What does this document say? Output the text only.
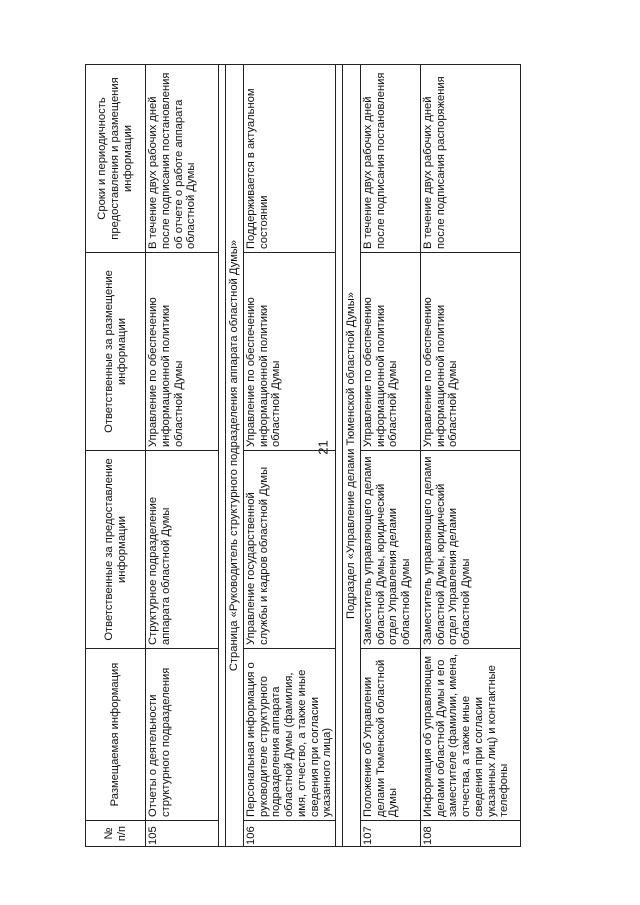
21
№ п/п	Размещаемая информация	Ответственные за предоставление информации	Ответственные за размещение информации	Сроки и периодичность предоставления и размещения информации
105	Отчеты о деятельности структурного подразделения	Структурное подразделение аппарата областной Думы	Управление по обеспечению информационной политики областной Думы	В течение двух рабочих дней после подписания постановления об отчете о работе аппарата областной Думы

Страница «Руководитель структурного подразделения аппарата областной Думы»				
106	Персональная информация о руководителе структурного подразделения аппарата областной Думы (фамилия, имя, отчество, а также иные сведения при согласии указанного лица)	Управление государственной службы и кадров областной Думы	Управление по обеспечению информационной политики областной Думы	Поддерживается в актуальном состоянии

Подраздел «Управление делами Тюменской областной Думы»				
107	Положение об Управлении делами Тюменской областной Думы	Заместитель управляющего делами областной Думы, юридический отдел Управления делами областной Думы	Управление по обеспечению информационной политики областной Думы	В течение двух рабочих дней после подписания постановления
108	Информация об управляющем делами областной Думы и его заместителе (фамилии, имена, отчества, а также иные сведения при согласии указанных лиц) и контактные телефоны	Заместитель управляющего делами областной Думы, юридический отдел Управления делами областной Думы	Управление по обеспечению информационной политики областной Думы	В течение двух рабочих дней после подписания распоряжения
